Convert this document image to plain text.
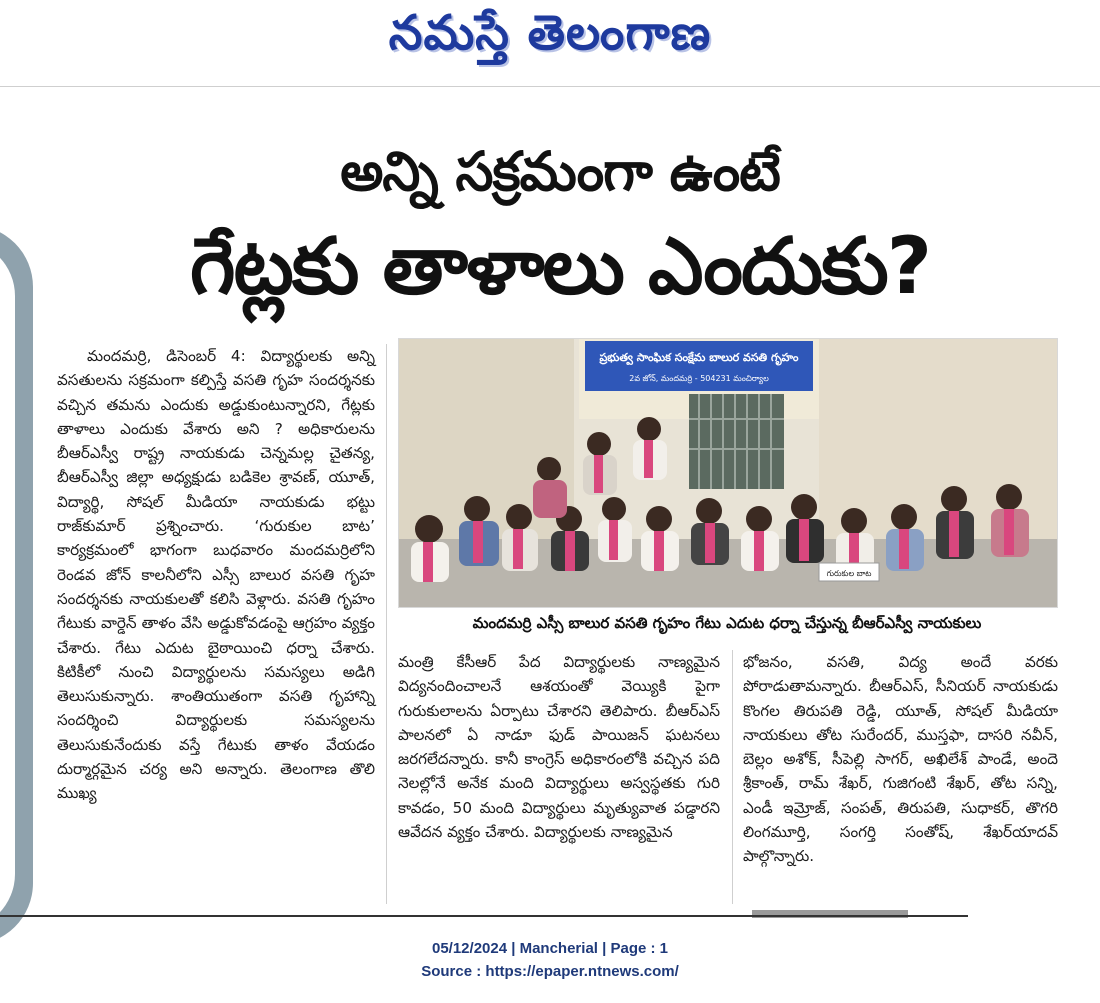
నమస్తే తెలంగాణ
అన్ని సక్రమంగా ఉంటే
గేట్లకు తాళాలు ఎందుకు?

మందమర్రి, డిసెంబర్ 4: విద్యార్థులకు అన్ని వసతులను సక్రమంగా కల్పిస్తే వసతి గృహ సందర్శనకు వచ్చిన తమను ఎందుకు అడ్డుకుంటున్నారని, గేట్లకు తాళాలు ఎందుకు వేశారు అని ? అధికారులను బీఆర్ఎస్వీ రాష్ట్ర నాయకుడు చెన్నమల్ల చైతన్య, బీఆర్ఎస్వీ జిల్లా అధ్యక్షుడు బడికెల శ్రావణ్, యూత్, విద్యార్థి, సోషల్ మీడియా నాయకుడు భట్టు రాజ్‌కుమార్ ప్రశ్నించారు. ‘గురుకుల బాట’ కార్యక్రమంలో భాగంగా బుధవారం మందమర్రిలోని రెండవ జోన్ కాలనీలోని ఎస్సీ బాలుర వసతి గృహ సందర్శనకు నాయకులతో కలిసి వెళ్లారు. వసతి గృహం గేటుకు వార్డెన్ తాళం వేసి అడ్డుకోవడంపై ఆగ్రహం వ్యక్తం చేశారు. గేటు ఎదుట బైఠాయించి ధర్నా చేశారు. కిటికీలో నుంచి విద్యార్థులను సమస్యలు అడిగి తెలుసుకున్నారు. శాంతియుతంగా వసతి గృహాన్ని సందర్శించి విద్యార్థులకు సమస్యలను తెలుసుకునేందుకు వస్తే గేటుకు తాళం వేయడం దుర్మార్గమైన చర్య అని అన్నారు. తెలంగాణ తొలి ముఖ్య

ప్రభుత్వ సాంఘిక సంక్షేమ బాలుర వసతి గృహం
2వ జోన్, మందమర్రి - 504231 మంచిర్యాల
గురుకుల బాట
మందమర్రి ఎస్సీ బాలుర వసతి గృహం గేటు ఎదుట ధర్నా చేస్తున్న బీఆర్ఎస్వీ నాయకులు

మంత్రి కేసీఆర్ పేద విద్యార్థులకు నాణ్యమైన విద్యనందించాలనే ఆశయంతో వెయ్యికి పైగా గురుకులాలను ఏర్పాటు చేశారని తెలిపారు. బీఆర్ఎస్ పాలనలో ఏ నాడూ ఫుడ్ పాయిజన్ ఘటనలు జరగలేదన్నారు. కానీ కాంగ్రెస్ అధికారంలోకి వచ్చిన పది నెలల్లోనే అనేక మంది విద్యార్థులు అస్వస్థతకు గురి కావడం, 50 మంది విద్యార్థులు మృత్యువాత పడ్డారని ఆవేదన వ్యక్తం చేశారు. విద్యార్థులకు నాణ్యమైన

భోజనం, వసతి, విద్య అందే వరకు పోరాడుతామన్నారు. బీఆర్ఎస్, సీనియర్ నాయకుడు కొంగల తిరుపతి రెడ్డి, యూత్, సోషల్ మీడియా నాయకులు తోట సురేందర్, ముస్తఫా, దాసరి నవీన్, బెల్లం అశోక్, సీపెల్లి సాగర్, అఖిలేశ్ పాండే, అందె శ్రీకాంత్, రామ్ శేఖర్, గుజిగంటి శేఖర్, తోట సన్ని, ఎండీ ఇమ్రోజ్, సంపత్, తిరుపతి, సుధాకర్, తొగరి లింగమూర్తి, సంగర్తి సంతోష్, శేఖర్‌యాదవ్ పాల్గొన్నారు.

05/12/2024 | Mancherial | Page : 1
Source : https://epaper.ntnews.com/
